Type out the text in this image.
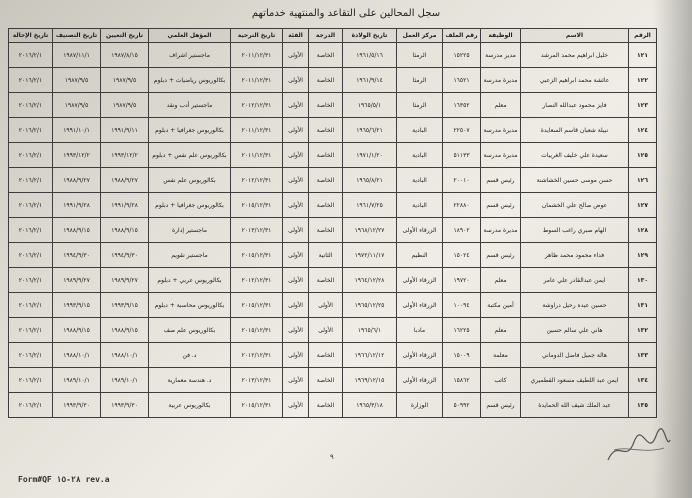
سجل المحالين على التقاعد والمنتهية خدماتهم
الرقم	الاسم	الوظيفة	رقم الملف	مركز العمل	تاريخ الولادة	الدرجة	الفئة	تاريخ الترحية	المؤهل العلمي	تاريخ التعيين	تاريخ التصنيف	تاريخ الإحالة
١٢١	خليل ابراهيم محمد المرشد	مدير مدرسة	١٥٢٢٥	الرمثا	١٩٦١/٥/١٦	الخاصة	الأولى	٢٠١١/١٢/٣١	ماجستير اشراف	١٩٨٧/٨/١٥	١٩٨٧/١١/١	٢٠١٦/٢/١
١٢٢	عائشة محمد ابراهيم الزعبي	مديرة مدرسة	١٦٥٢١	الرمثا	١٩٦١/٩/١٤	الخاصة	الأولى	٢٠١١/١٢/٣١	بكالوريوس رياضيات + دبلوم	١٩٨٧/٩/٥	١٩٨٧/٩/٥	٢٠١٦/٢/١
١٢٣	فايز محمود عبدالله النصار	معلم	١٦٣٥٢	الرمثا	١٩٦٥/٥/١	الخاصة	الأولى	٢٠١٢/١٢/٣١	ماجستير أدب ونقد	١٩٨٧/٩/٥	١٩٨٧/٩/٥	٢٠١٦/٢/١
١٢٤	نبيلة شعبان قاسم السعايدة	مديرة مدرسة	٢٢٥٠٧	البادية	١٩٦٥/٦/٢١	الخاصة	الأولى	٢٠١١/١٢/٣١	بكالوريوس جغرافيا + دبلوم	١٩٩١/٩/١١	١٩٩١/١٠/١	٢٠١٦/٢/١
١٢٥	سعيدة علي خليف الغريبات	مديرة مدرسة	٥١١٣٣	البادية	١٩٧١/١/٢٠	الخاصة	الأولى	٢٠١١/١٢/٣١	بكالوريوس علم نفس + دبلوم	١٩٩٣/١٢/٢	١٩٩٣/١٢/٢	٢٠١٦/٢/١
١٢٦	حسن موسى حسين الخشاشنة	رئيس قسم	٢٠٠١٠	البادية	١٩٦٥/٨/٢١	الخاصة	الأولى	٢٠١٢/١٢/٣١	بكالوريوس علم نفس	١٩٨٨/٩/٢٧	١٩٨٨/٩/٢٧	٢٠١٦/٢/١
١٢٧	عوض صالح علي الخشمان	رئيس قسم	٢٢٨٨٠	البادية	١٩٦١/٧/٢٥	الخاصة	الأولى	٢٠١٥/١٢/٣١	بكالوريوس جغرافيا + دبلوم	١٩٩١/٩/٢٨	١٩٩١/٩/٢٨	٢٠١٦/٢/١
١٢٨	الهام صبري راغب السوط	مديرة مدرسة	١٨٩٠٢	الزرقاء الأولى	١٩٦٨/١٢/٢٧	الخاصة	الأولى	٢٠١٣/١٢/٣١	ماجستير إدارة	١٩٨٨/٩/١٥	١٩٨٨/٩/١٥	٢٠١٦/٢/١
١٢٩	فداء محمود محمد ظاهر	رئيس قسم	١٥٠٢٤	النظيم	١٩٧٢/١١/١٧	الثانية	الأولى	٢٠١٥/١٢/٣١	ماجستير تقويم	١٩٩٤/٩/٣٠	١٩٩٤/٩/٣٠	٢٠١٦/٢/١
١٣٠	ايمن عبدالقادر علي عامر	معلم	١٩٧٢٠	الزرقاء الأولى	١٩٦٤/١٢/٢٨	الخاصة	الأولى	٢٠١٢/١٢/٣١	بكالوريوس عربي + دبلوم	١٩٨٩/٩/٢٧	١٩٨٩/٩/٢٧	٢٠١٦/٢/١
١٣١	حسين عيده رحيل دراوشة	أمين مكتبة	١٠٠٩٤	الزرقاء الأولى	١٩٦٥/١٢/٢٥	الأولى	الأولى	٢٠١٥/١٢/٣١	بكالوريوس محاسبة + دبلوم	١٩٩٣/٩/١٥	١٩٩٣/٩/١٥	٢٠١٦/٢/١
١٣٢	هاني علي سالم حسين	معلم	١٦٢٢٥	مادبا	١٩٦٥/٦/١	الأولى	الأولى	٢٠١٥/١٢/٣١	بكالوريوس علم صف	١٩٨٨/٩/١٥	١٩٨٨/٩/١٥	٢٠١٦/٢/١
١٣٣	هالة جميل فاضل الدوماني	معلمة	١٥٠٠٩	الزرقاء الأولى	١٩٦٦/١٢/١٢	الخاصة	الأولى	٢٠١٢/١٢/٣١	د. فن	١٩٨٨/١٠/١	١٩٨٨/١٠/١	٢٠١٦/٢/١
١٣٤	ايمن عبد اللطيف مسعود القطميري	كاتب	١٥٨٦٢	الزرقاء الأولى	١٩٦٩/١٢/١٥	الخاصة	الأولى	٢٠١٣/١٢/٣١	د. هندسة معمارية	١٩٨٩/١٠/١	١٩٨٩/١٠/١	٢٠١٦/٢/١
١٣٥	عبد الملك شيف الله الحمايدة	رئيس قسم	٥٠٩٩٢	الوزارة	١٩٦٥/٣/١٨	الخاصة	الأولى	٢٠١٥/١٢/٣١	بكالوريوس عربية	١٩٩٣/٩/٣٠	١٩٩٣/٩/٣٠	٢٠١٦/٢/١
٩
Form#QF ٢٨-١٥ rev.a
